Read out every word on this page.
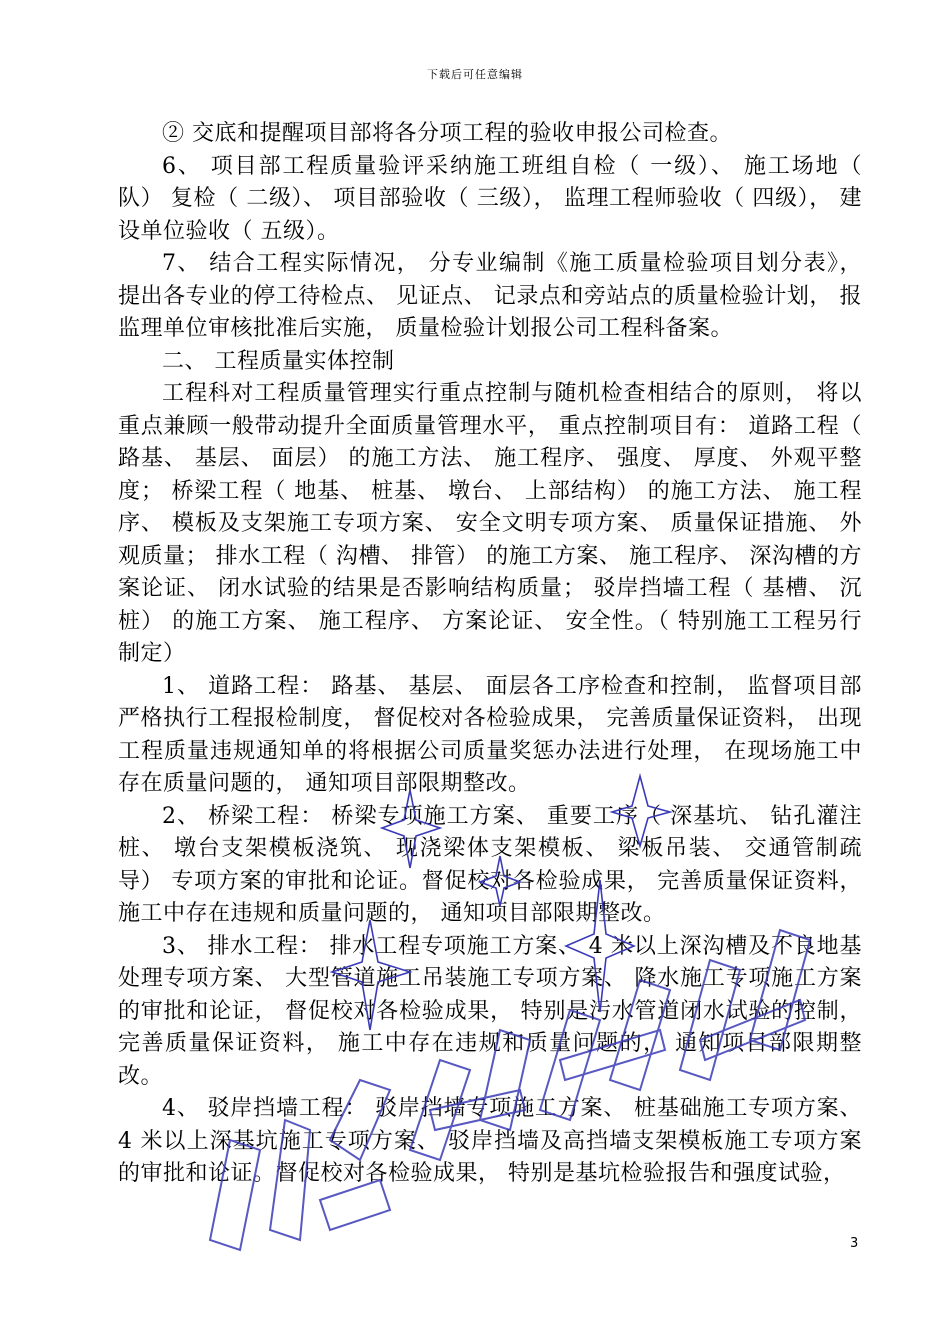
下载后可任意编辑

② 交底和提醒项目部将各分项工程的验收申报公司检查。

6、 项目部工程质量验评采纳施工班组自检（ 一级）、 施工场地（ 队） 复检（ 二级）、 项目部验收（ 三级）， 监理工程师验收（ 四级）， 建设单位验收（ 五级）。

7、 结合工程实际情况， 分专业编制《施工质量检验项目划分表》， 提出各专业的停工待检点、 见证点、 记录点和旁站点的质量检验计划， 报监理单位审核批准后实施， 质量检验计划报公司工程科备案。

二、 工程质量实体控制

工程科对工程质量管理实行重点控制与随机检查相结合的原则， 将以重点兼顾一般带动提升全面质量管理水平， 重点控制项目有： 道路工程（ 路基、 基层、 面层） 的施工方法、 施工程序、 强度、 厚度、 外观平整度； 桥梁工程（ 地基、 桩基、 墩台、 上部结构） 的施工方法、 施工程序、 模板及支架施工专项方案、 安全文明专项方案、 质量保证措施、 外观质量； 排水工程（ 沟槽、 排管） 的施工方案、 施工程序、 深沟槽的方案论证、 闭水试验的结果是否影响结构质量； 驳岸挡墙工程（ 基槽、 沉桩） 的施工方案、 施工程序、 方案论证、 安全性。（ 特别施工工程另行制定）

1、 道路工程： 路基、 基层、 面层各工序检查和控制， 监督项目部严格执行工程报检制度， 督促校对各检验成果， 完善质量保证资料， 出现工程质量违规通知单的将根据公司质量奖惩办法进行处理， 在现场施工中存在质量问题的， 通知项目部限期整改。

2、 桥梁工程： 桥梁专项施工方案、 重要工序（ 深基坑、 钻孔灌注桩、 墩台支架模板浇筑、 现浇梁体支架模板、 梁板吊装、 交通管制疏导） 专项方案的审批和论证。督促校对各检验成果， 完善质量保证资料， 施工中存在违规和质量问题的， 通知项目部限期整改。

3、 排水工程： 排水工程专项施工方案、 4 米以上深沟槽及不良地基处理专项方案、 大型管道施工吊装施工专项方案、 降水施工专项施工方案的审批和论证， 督促校对各检验成果， 特别是污水管道闭水试验的控制， 完善质量保证资料， 施工中存在违规和质量问题的， 通知项目部限期整改。

4、 驳岸挡墙工程： 驳岸挡墙专项施工方案、 桩基础施工专项方案、 4 米以上深基坑施工专项方案、 驳岸挡墙及高挡墙支架模板施工专项方案的审批和论证。督促校对各检验成果， 特别是基坑检验报告和强度试验，

3
